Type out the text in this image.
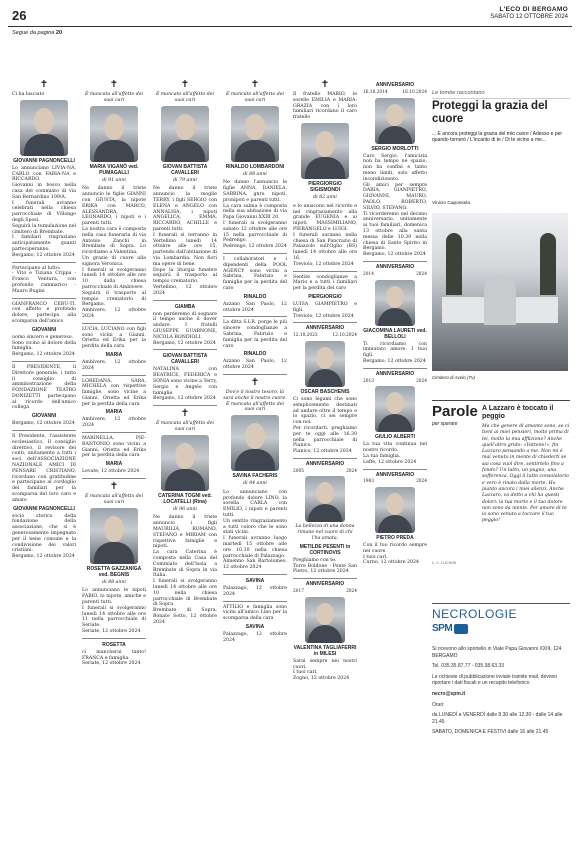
26	L'ECO DI BERGAMO
SABATO 12 OTTOBRE 2024
Segue da pagina 20
✝
Ci ha lasciato
GIOVANNI PAGNONCELLI
Lo annunciano LIVIA-NA, CARLO con FABIA-NA e RICCARDO.
Giovanni in bosco nella casa del commiato di via San Bernardino 109/A.
I funerali avranno celebrati nella chiesa parrocchiale di Villongo degli Sposi.
Seguirà la tumulazione nel cimitero di Brembate.
I familiari ringraziano anticipatamente quanti parteciperanno.
Bergamo, 12 ottobre 2024
Partecipano al lutto:
- Vito e Tiziana Crippa - Franco Ventura, con profondo rammarico - Mauro Bugini
GIANFRANCO CEBU-TI, con affetto e profondo dolore, partecipa alla scomparsa dell'amico
GIOVANNI
uomo sincero e generoso.
Sono vicino al dolore della famiglia.
Bergamo, 12 ottobre 2024
Il PRESIDENTE, il Direttore generale, i tutto il consiglio di amministrazione della FONDAZIONE TEATRO DONIZETTI partecipano al ricordo dell'amico collega
GIOVANNI
Bergamo, 12 ottobre 2024
Il Presidente, l'assistente ecclesiastico, Il consiglio direttivo, il revisore dei conti, unitamente a tutti i soci dell'ASSOCIAZIONE NAZIONALE AMICI DI PENSARE CRISTIANO, ricordano con gratitudine e partecipano al cordoglio dei familiari per la scomparsa del loro caro e amato
GIOVANNI PAGNONCELLI
socio storico della fondazione della associazione, che si è generosamente impegnato per il bene comune e la condivisione dei valori cristiani.
Bergamo, 12 ottobre 2024
✝
È mancata all'affetto dei suoi cari
MARIA VIGANÒ ved. PUMAGALLI
di 91 anni
Ne danno il triste annuncio le figlie GIANNI con GIUSTA, la nipote ERIKA con MARCO, ALESSANDRA, LEONARDO, i nipoti e i parenti tutti.
La nostra cara è composta nella casa funeraria di via Antonio Zanchi in Brembate di Sopra. Lo ricordiamo a Valentina.
Un grazie di cuore alla signora Veronica.
I funerali si svolgeranno lunedì 14 ottobre alle ore 10 dalla chiesa parrocchiale di Ambivere.
Seguirà il trasporto al tempio crematorio di Bergamo.
Ambivere, 12 ottobre 2024
LUCIA, LUCIANO con figli sono vicini a Gianni, Orietta ed Erika per la perdita della cara
MARIA
Ambivere, 12 ottobre 2024
LOREDANA, SARA, MICHELA con rispettive famiglie, sono vicine a Gianni, Orietta ed Erika per la perdita della cara
MARIA
Ambivere, 12 ottobre 2024
MARINELLA, PIE-RANTONIO sono vicini a Gianni, Orietta ed Erika per la perdita della cara
MARIA
Levate, 12 ottobre 2024
✝
È mancata all'affetto dei suoi cari
ROSETTA GAZZANIGA ved. BEGNIS
di 88 anni
Lo annunciano le nipoti FABIO, lo nipote, amiche e parenti tutti.
I funerali si svolgeranno lunedì 14 ottobre alle ore 11 nella parrocchiale di Seriate.
Seriate, 12 ottobre 2024
ROSETTA
ci mancherai tanto! FRANCA e famiglia.
Seriate, 12 ottobre 2024
✝
È mancato all'affetto dei suoi cari
GIOVAN BATTISTA CAVALLERI
di 79 anni
Ne danno il triste annuncio la moglie TERRY, i figli SERGIO con ELENA e ANGELO con ANNALISA, i nipoti ANGELICA, EMMA, RICCARDO, ACHILLE e parenti tutti.
I funerali si terranno in Vertellino lunedì 14 ottobre alle ore 15, partendo dall'abitazione di via Lombardia. Non fiori ma opere di bene.
Dopo la liturgia funebre seguirà il trasporto al tempio crematorio.
Vertellino, 12 ottobre 2024
GIAMBA
non perderemo di sognare il tempo anche il dover andare. I fratelli GIUSEPPE GUARNONE, NICOLA BONDIOLI.
Bergamo, 12 ottobre 2024
GIOVAN BATTISTA CAVALLERI
NATALINA con BEATRICE, FEDERICA e SONIA sono vicine a Terry, Sergio e Angelo con famiglie.
Bergamo, 12 ottobre 2024
✝
È mancata all'affetto dei suoi cari
CATERINA TOGNI ved. LOCATELLI (Rina)
di 96 anni
Ne danno il triste annuncio i figli MAURILIA, ROMANO, STEFANO e MIRIAM con rispettive famiglie e nipoti.
La cara Caterina è composta nella Casa del Commiato dell'Isola a Brembate di Sopra in via Italia.
I funerali si svolgeranno lunedì 14 ottobre alle ore 10 nella chiesa parrocchiale di Brembate di Sopra.
Brembate di Sopra, Bonate Sotto, 12 ottobre 2024
✝
È mancato all'affetto dei suoi cari
RINALDO LOMBARDONI
di 88 anni
Ne danno l'annuncio le figlie ANNA, DANIELA, SABRINA, gnrs. nipoti, pronipoti e parenti tutti.
La cara salma è composta nella sua abitazione di via Papa Giovanni XXIII 20.
I funerali si svolgeranno sabato 12 ottobre alle ore 15 nella parrocchiale di Pedrengo.
Pedrengo, 12 ottobre 2024
I collaboratori e i dipendenti della POOL AGENCY sono vicini a Sabrina, Fabrizio e famiglia per la perdita del caro
RINALDO
Azzano San Paolo, 12 ottobre 2024
La ditta S.I.R. porge le più sincere condoglianze a Sabrina, Fabrizio e famiglia per la perdita del caro
RINALDO
Azzano San Paolo, 12 ottobre 2024
✝
Dov'è il nostro tesoro, là sarà anche il nostro cuore.
È mancata all'affetto dei suoi cari
SAVINA FACHERIS
di 94 anni
Lo annunciano con profondo dolore LINO, la sorella CARLA con EMILIO, i nipoti e parenti tutti.
Un sentito ringraziamento a tutti coloro che le sono stati vicini.
I funerali avranno luogo martedì 15 ottobre alle ore 10.30 nella chiesa parrocchiale di Palazzago.
Almenno San Bartolomeo, 12 ottobre 2024
SAVINA
Palazzago, 12 ottobre 2024
ATTILIO e famiglia sono vicini all'amico Lino per la scomparsa della cara
SAVINA
Palazzago, 12 ottobre 2024
✝
Il fratello MARIO, le sorelle EMILIA e MARIA-GRAZIA con i loro familiari ricordano il caro fratello
PIERGIORGIO SIGISMONDI
di 82 anni
e lo uniscono nel ricordo e nel ringraziamento alla grande EUGENIA e ai nipoti MASSIMILIANO, PIERANGELO e LUIGI.
I funerali saranno nella chiesa di San Pancrazio di Palazzolo sull'Oglio (BS) lunedì 14 ottobre alle ore 16.
Treviolo, 12 ottobre 2024
Sentite condoglianze a Mario e a tutti i familiari per la perdita del caro
PIERGIORGIO
LUISA GIAMPIETRO e figli.
Treviolo, 12 ottobre 2024
ANNIVERSARIO
12.10.2023	12.10.2024
OSCAR BASCHENIS
Ci sono legami che sono semplicemente destinati ad andare oltre il tempo e lo spazio, ci sei sempre con noi.
Per ricordarti, preghiamo per te oggi alle 16.30 nella parrocchiale di Pianico.
Pianico, 12 ottobre 2024
ANNIVERSARIO
2005	2024
La bellezza di una donna rimane nel cuore di chi l'ha amata.
METILDE PESENTI in CORTINOVIS
Preghiamo con te.
Torre Boldone - Ponte San Pietro, 12 ottobre 2024
ANNIVERSARIO
2017	2024
VALENTINA TAGLIAFERRI in MILESI
Sarai sempre nei nostri cuori.
I tuoi cari.
Zogno, 12 ottobre 2024
ANNIVERSARIO
16.10.2014	16.10.2024
SERGIO MORLOTTI
Caro Sergio, l'amicizia non ha tempo né spazio, non ha confini e tanto meno limiti, solo affetto incondizionato.
Gli amici per sempre DARIA, GIANPIETRO, GIOVANNI, MAURO, PAOLO, ROBERTO, SILVIO, STEFANO.
Ti ricorderemo nel decimo anniversario, unitamente ai tuoi familiari, domenica 13 ottobre alla santa messa delle 10.30 nella chiesa di Santo Spirito in Bergamo.
Bergamo, 12 ottobre 2024
ANNIVERSARIO
2014	2024
GIACOMINA LAURETI ved. BELLOLI
Ti ricordiamo con immutato amore. I tuoi figli.
Bergamo, 12 ottobre 2024
ANNIVERSARIO
2013	2024
GIULIO ALBERTI
La tua vita continua nel nostro ricordo.
La tua famiglia.
Leffe, 12 ottobre 2024
ANNIVERSARIO
1983	2024
PIETRO PREDA
Con il tuo ricordo sempre nel cuore.
I tuoi cari.
Curno, 12 ottobre 2024
Le tombe raccontano
Proteggi la grazia del cuore
... E ancora proteggi la grazia del mio cuore / Adesso e per quando tornerò / L'incanto di te / Di te vicino a me...
Vinicio Capossela
Cimitero di Avolo (Tv)
Parole
per sperare
L. C. LUCHINI
A Lazzaro è toccato il peggio
Ma che genere di amante sono, se ci tieni ai miei pensieri, molto prima di lei, molto la mia afflizione? Anche quell'altro grido: «Vattene!», fin Lazzaro pensando a me. Non mi è mai venuto in mente di chiederti se sai cosa vuol dire, sentirtelo fino a fondo? Un lutto, un pugno, una sofferenza. Oggi il lutto consolatorio e vero è rinato dalla morte. Ho pianto ancora i miei silenzi. Anche Lazzaro, va detto a chi ha questi dolori: la tua morte e il tuo dolore non sono da niente. Per amore di te io sono venuto a toccare il tuo peggio!
NECROLOGIE
SPM

Si ricevono allo sportello in Viale Papa Giovanni XXIII, 124 BERGAMO

Tel. 035.35.87.77 - 035.38.63.33

Le richieste di pubblicazione inviate tramite mail, devono riportare i dati fiscali e un recapito telefonico

necro@spm.it

Orari:

da LUNEDÌ a VENERDÌ dalle 8.30 alle 12.30 - dalle 14 alle 21.45

SABATO, DOMENICA E FESTIVI dalle 16 alle 21.45
